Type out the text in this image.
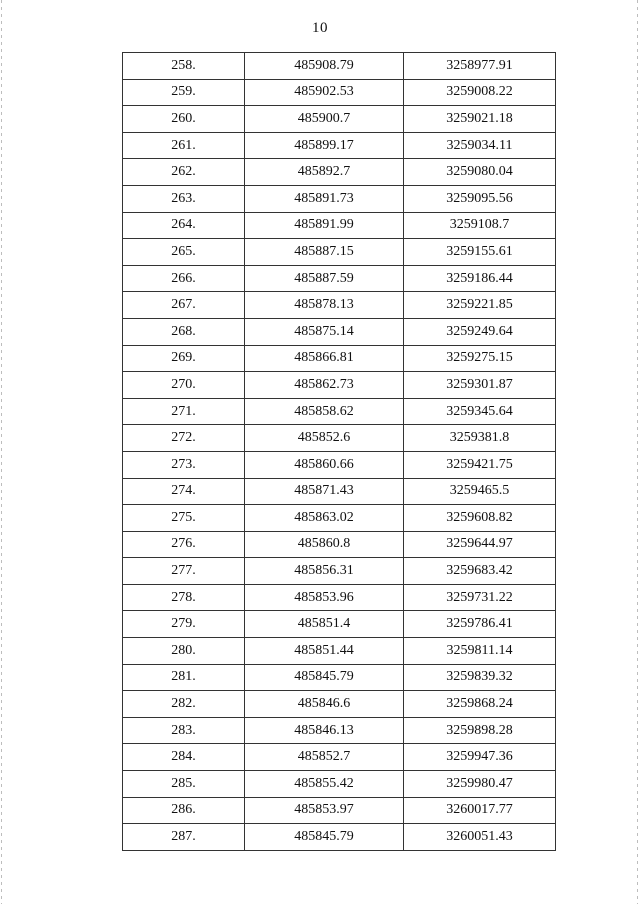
10
258.	485908.79	3258977.91
259.	485902.53	3259008.22
260.	485900.7	3259021.18
261.	485899.17	3259034.11
262.	485892.7	3259080.04
263.	485891.73	3259095.56
264.	485891.99	3259108.7
265.	485887.15	3259155.61
266.	485887.59	3259186.44
267.	485878.13	3259221.85
268.	485875.14	3259249.64
269.	485866.81	3259275.15
270.	485862.73	3259301.87
271.	485858.62	3259345.64
272.	485852.6	3259381.8
273.	485860.66	3259421.75
274.	485871.43	3259465.5
275.	485863.02	3259608.82
276.	485860.8	3259644.97
277.	485856.31	3259683.42
278.	485853.96	3259731.22
279.	485851.4	3259786.41
280.	485851.44	3259811.14
281.	485845.79	3259839.32
282.	485846.6	3259868.24
283.	485846.13	3259898.28
284.	485852.7	3259947.36
285.	485855.42	3259980.47
286.	485853.97	3260017.77
287.	485845.79	3260051.43
